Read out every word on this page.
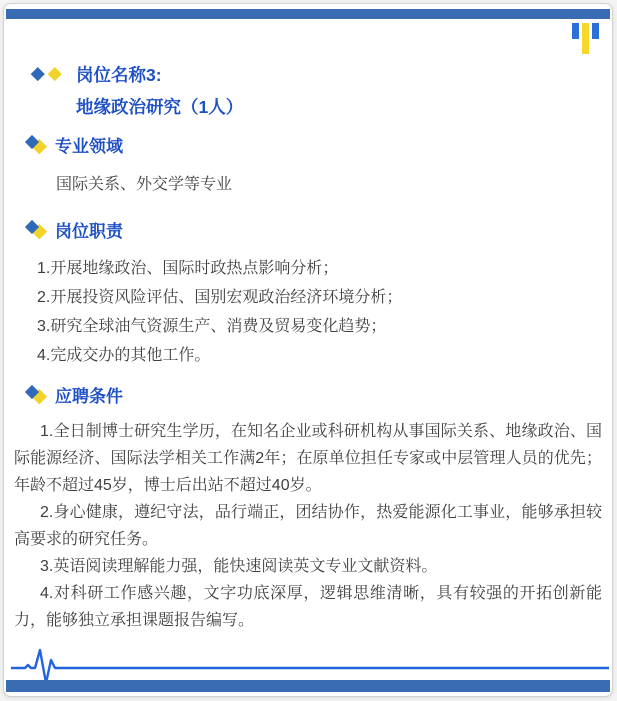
岗位名称3:
地缘政治研究（1人）
专业领域
国际关系、外交学等专业
岗位职责
1.开展地缘政治、国际时政热点影响分析；
2.开展投资风险评估、国别宏观政治经济环境分析；
3.研究全球油气资源生产、消费及贸易变化趋势；
4.完成交办的其他工作。
应聘条件

1.全日制博士研究生学历，在知名企业或科研机构从事国际关系、地缘政治、国际能源经济、国际法学相关工作满2年；在原单位担任专家或中层管理人员的优先；年龄不超过45岁，博士后出站不超过40岁。

2.身心健康，遵纪守法，品行端正，团结协作，热爱能源化工事业，能够承担较高要求的研究任务。

3.英语阅读理解能力强，能快速阅读英文专业文献资料。

4.对科研工作感兴趣，文字功底深厚，逻辑思维清晰，具有较强的开拓创新能力，能够独立承担课题报告编写。
